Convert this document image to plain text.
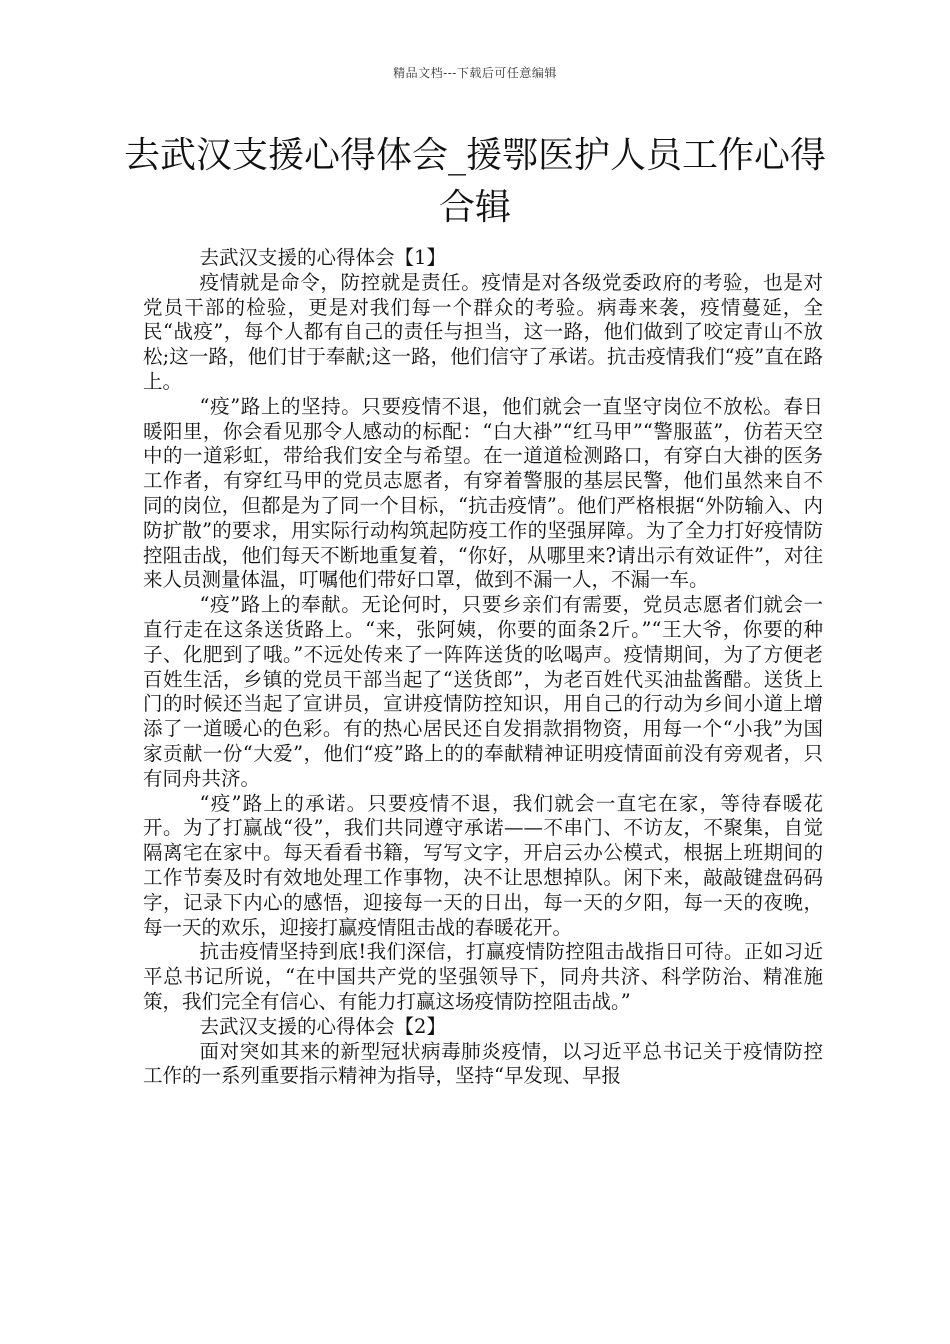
精品文档---下载后可任意编辑
去武汉支援心得体会_援鄂医护人员工作心得合辑

去武汉支援的心得体会【1】

疫情就是命令，防控就是责任。疫情是对各级党委政府的考验，也是对党员干部的检验，更是对我们每一个群众的考验。病毒来袭，疫情蔓延，全民“战疫”，每个人都有自己的责任与担当，这一路，他们做到了咬定青山不放松;这一路，他们甘于奉献;这一路，他们信守了承诺。抗击疫情我们“疫”直在路上。

“疫”路上的坚持。只要疫情不退，他们就会一直坚守岗位不放松。春日暖阳里，你会看见那令人感动的标配：“白大褂”“红马甲”“警服蓝”，仿若天空中的一道彩虹，带给我们安全与希望。在一道道检测路口，有穿白大褂的医务工作者，有穿红马甲的党员志愿者，有穿着警服的基层民警，他们虽然来自不同的岗位，但都是为了同一个目标，“抗击疫情”。他们严格根据“外防输入、内防扩散”的要求，用实际行动构筑起防疫工作的坚强屏障。为了全力打好疫情防控阻击战，他们每天不断地重复着，“你好，从哪里来?请出示有效证件”，对往来人员测量体温，叮嘱他们带好口罩，做到不漏一人，不漏一车。

“疫”路上的奉献。无论何时，只要乡亲们有需要，党员志愿者们就会一直行走在这条送货路上。“来，张阿姨，你要的面条2斤。”“王大爷，你要的种子、化肥到了哦。”不远处传来了一阵阵送货的吆喝声。疫情期间，为了方便老百姓生活，乡镇的党员干部当起了“送货郎”，为老百姓代买油盐酱醋。送货上门的时候还当起了宣讲员，宣讲疫情防控知识，用自己的行动为乡间小道上增添了一道暖心的色彩。有的热心居民还自发捐款捐物资，用每一个“小我”为国家贡献一份“大爱”，他们“疫”路上的的奉献精神证明疫情面前没有旁观者，只有同舟共济。

“疫”路上的承诺。只要疫情不退，我们就会一直宅在家，等待春暖花开。为了打赢战“役”，我们共同遵守承诺——不串门、不访友，不聚集，自觉隔离宅在家中。每天看看书籍，写写文字，开启云办公模式，根据上班期间的工作节奏及时有效地处理工作事物，决不让思想掉队。闲下来，敲敲键盘码码字，记录下内心的感悟，迎接每一天的日出，每一天的夕阳，每一天的夜晚，每一天的欢乐，迎接打赢疫情阻击战的春暖花开。

抗击疫情坚持到底!我们深信，打赢疫情防控阻击战指日可待。正如习近平总书记所说，“在中国共产党的坚强领导下，同舟共济、科学防治、精准施策，我们完全有信心、有能力打赢这场疫情防控阻击战。”

去武汉支援的心得体会【2】

面对突如其来的新型冠状病毒肺炎疫情，以习近平总书记关于疫情防控工作的一系列重要指示精神为指导，坚持“早发现、早报
